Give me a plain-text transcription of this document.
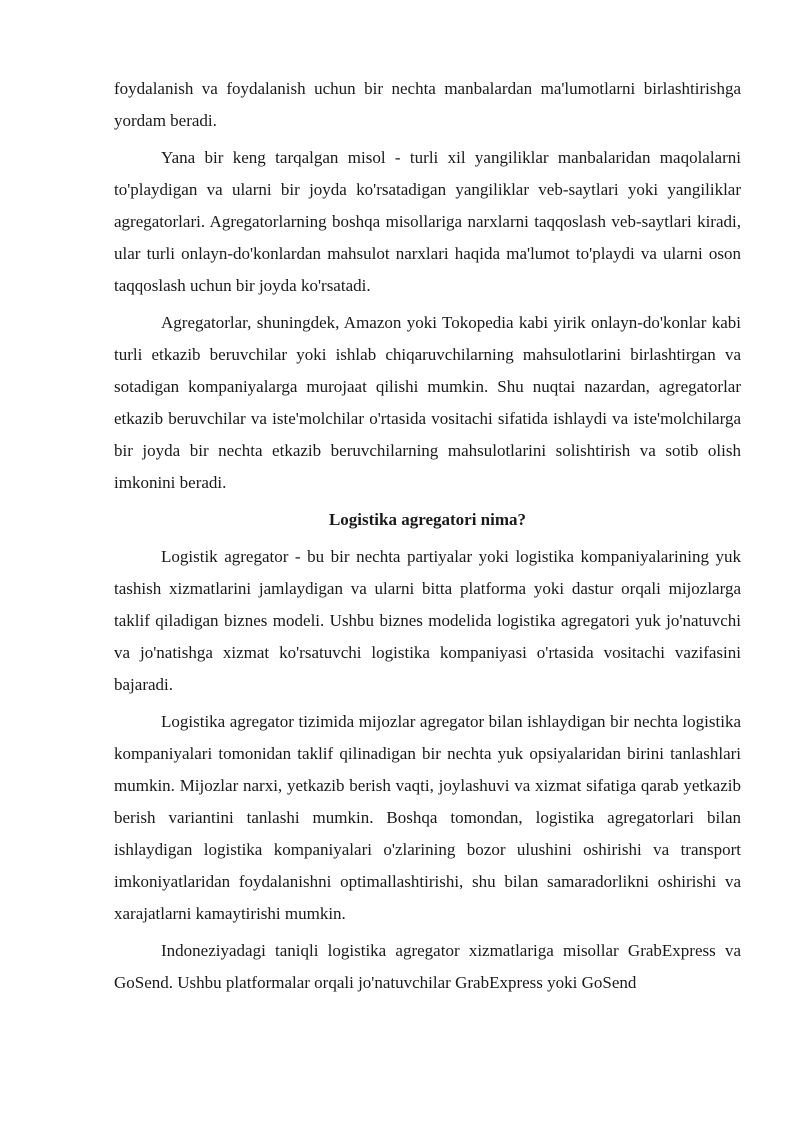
foydalanish va foydalanish uchun bir nechta manbalardan ma'lumotlarni birlashtirishga yordam beradi.

Yana bir keng tarqalgan misol - turli xil yangiliklar manbalaridan maqolalarni to'playdigan va ularni bir joyda ko'rsatadigan yangiliklar veb-saytlari yoki yangiliklar agregatorlari. Agregatorlarning boshqa misollariga narxlarni taqqoslash veb-saytlari kiradi, ular turli onlayn-do'konlardan mahsulot narxlari haqida ma'lumot to'playdi va ularni oson taqqoslash uchun bir joyda ko'rsatadi.

Agregatorlar, shuningdek, Amazon yoki Tokopedia kabi yirik onlayn-do'konlar kabi turli etkazib beruvchilar yoki ishlab chiqaruvchilarning mahsulotlarini birlashtirgan va sotadigan kompaniyalarga murojaat qilishi mumkin. Shu nuqtai nazardan, agregatorlar etkazib beruvchilar va iste'molchilar o'rtasida vositachi sifatida ishlaydi va iste'molchilarga bir joyda bir nechta etkazib beruvchilarning mahsulotlarini solishtirish va sotib olish imkonini beradi.

Logistika agregatori nima?

Logistik agregator - bu bir nechta partiyalar yoki logistika kompaniyalarining yuk tashish xizmatlarini jamlaydigan va ularni bitta platforma yoki dastur orqali mijozlarga taklif qiladigan biznes modeli. Ushbu biznes modelida logistika agregatori yuk jo'natuvchi va jo'natishga xizmat ko'rsatuvchi logistika kompaniyasi o'rtasida vositachi vazifasini bajaradi.

Logistika agregator tizimida mijozlar agregator bilan ishlaydigan bir nechta logistika kompaniyalari tomonidan taklif qilinadigan bir nechta yuk opsiyalaridan birini tanlashlari mumkin. Mijozlar narxi, yetkazib berish vaqti, joylashuvi va xizmat sifatiga qarab yetkazib berish variantini tanlashi mumkin. Boshqa tomondan, logistika agregatorlari bilan ishlaydigan logistika kompaniyalari o'zlarining bozor ulushini oshirishi va transport imkoniyatlaridan foydalanishni optimallashtirishi, shu bilan samaradorlikni oshirishi va xarajatlarni kamaytirishi mumkin.

Indoneziyadagi taniqli logistika agregator xizmatlariga misollar GrabExpress va GoSend. Ushbu platformalar orqali jo'natuvchilar GrabExpress yoki GoSend
